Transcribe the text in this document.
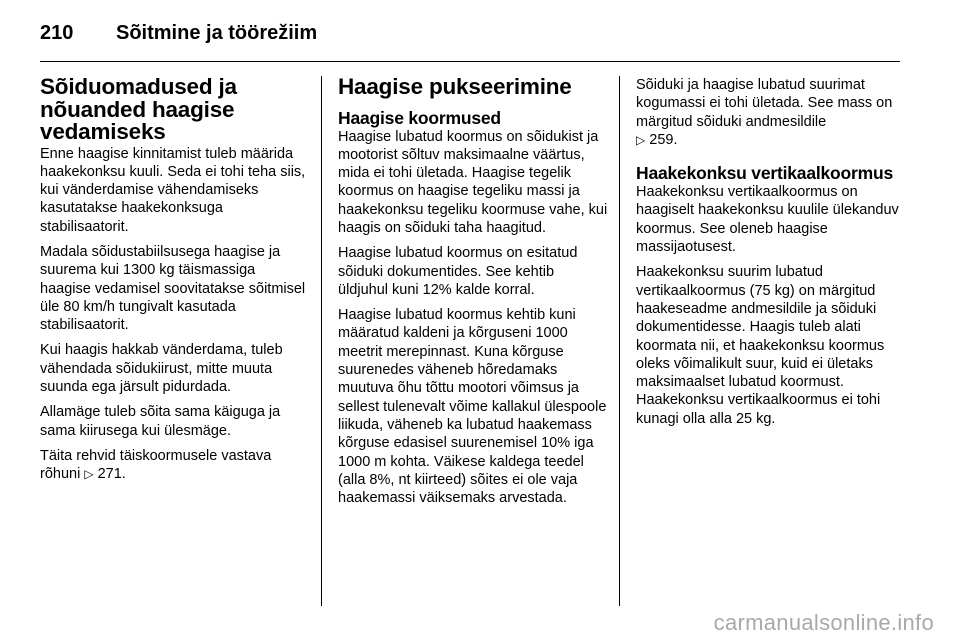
210 Sõitmine ja töörežiim
Sõiduomadused ja nõuanded haagise vedamiseks

Enne haagise kinnitamist tuleb määrida haakekonksu kuuli. Seda ei tohi teha siis, kui vänderdamise vähendamiseks kasutatakse haakekonksuga stabilisaatorit.

Madala sõidustabiilsusega haagise ja suurema kui 1300 kg täismassiga haagise vedamisel soovitatakse sõitmisel üle 80 km/h tungivalt kasutada stabilisaatorit.

Kui haagis hakkab vänderdama, tuleb vähendada sõidukiirust, mitte muuta suunda ega järsult pidurdada.

Allamäge tuleb sõita sama käiguga ja sama kiirusega kui ülesmäge.

Täita rehvid täiskoormusele vastava rõhuni ▷ 271.

Haagise pukseerimine
Haagise koormused

Haagise lubatud koormus on sõidukist ja mootorist sõltuv maksimaalne väärtus, mida ei tohi ületada. Haagise tegelik koormus on haagise tegeliku massi ja haakekonksu tegeliku koormuse vahe, kui haagis on sõiduki taha haagitud.

Haagise lubatud koormus on esitatud sõiduki dokumentides. See kehtib üldjuhul kuni 12% kalde korral.

Haagise lubatud koormus kehtib kuni määratud kaldeni ja kõrguseni 1000 meetrit merepinnast. Kuna kõrguse suurenedes väheneb hõredamaks muutuva õhu tõttu mootori võimsus ja sellest tulenevalt võime kallakul ülespoole liikuda, väheneb ka lubatud haakemass kõrguse edasisel suurenemisel 10% iga 1000 m kohta. Väikese kaldega teedel (alla 8%, nt kiirteed) sõites ei ole vaja haakemassi väiksemaks arvestada.

Sõiduki ja haagise lubatud suurimat kogumassi ei tohi ületada. See mass on märgitud sõiduki andmesildile
▷ 259.

Haakekonksu vertikaalkoormus

Haakekonksu vertikaalkoormus on haagiselt haakekonksu kuulile ülekanduv koormus. See oleneb haagise massijaotusest.

Haakekonksu suurim lubatud vertikaalkoormus (75 kg) on märgitud haakeseadme andmesildile ja sõiduki dokumentidesse. Haagis tuleb alati koormata nii, et haakekonksu koormus oleks võimalikult suur, kuid ei ületaks maksimaalset lubatud koormust. Haakekonksu vertikaalkoormus ei tohi kunagi olla alla 25 kg.

carmanualsonline.info
